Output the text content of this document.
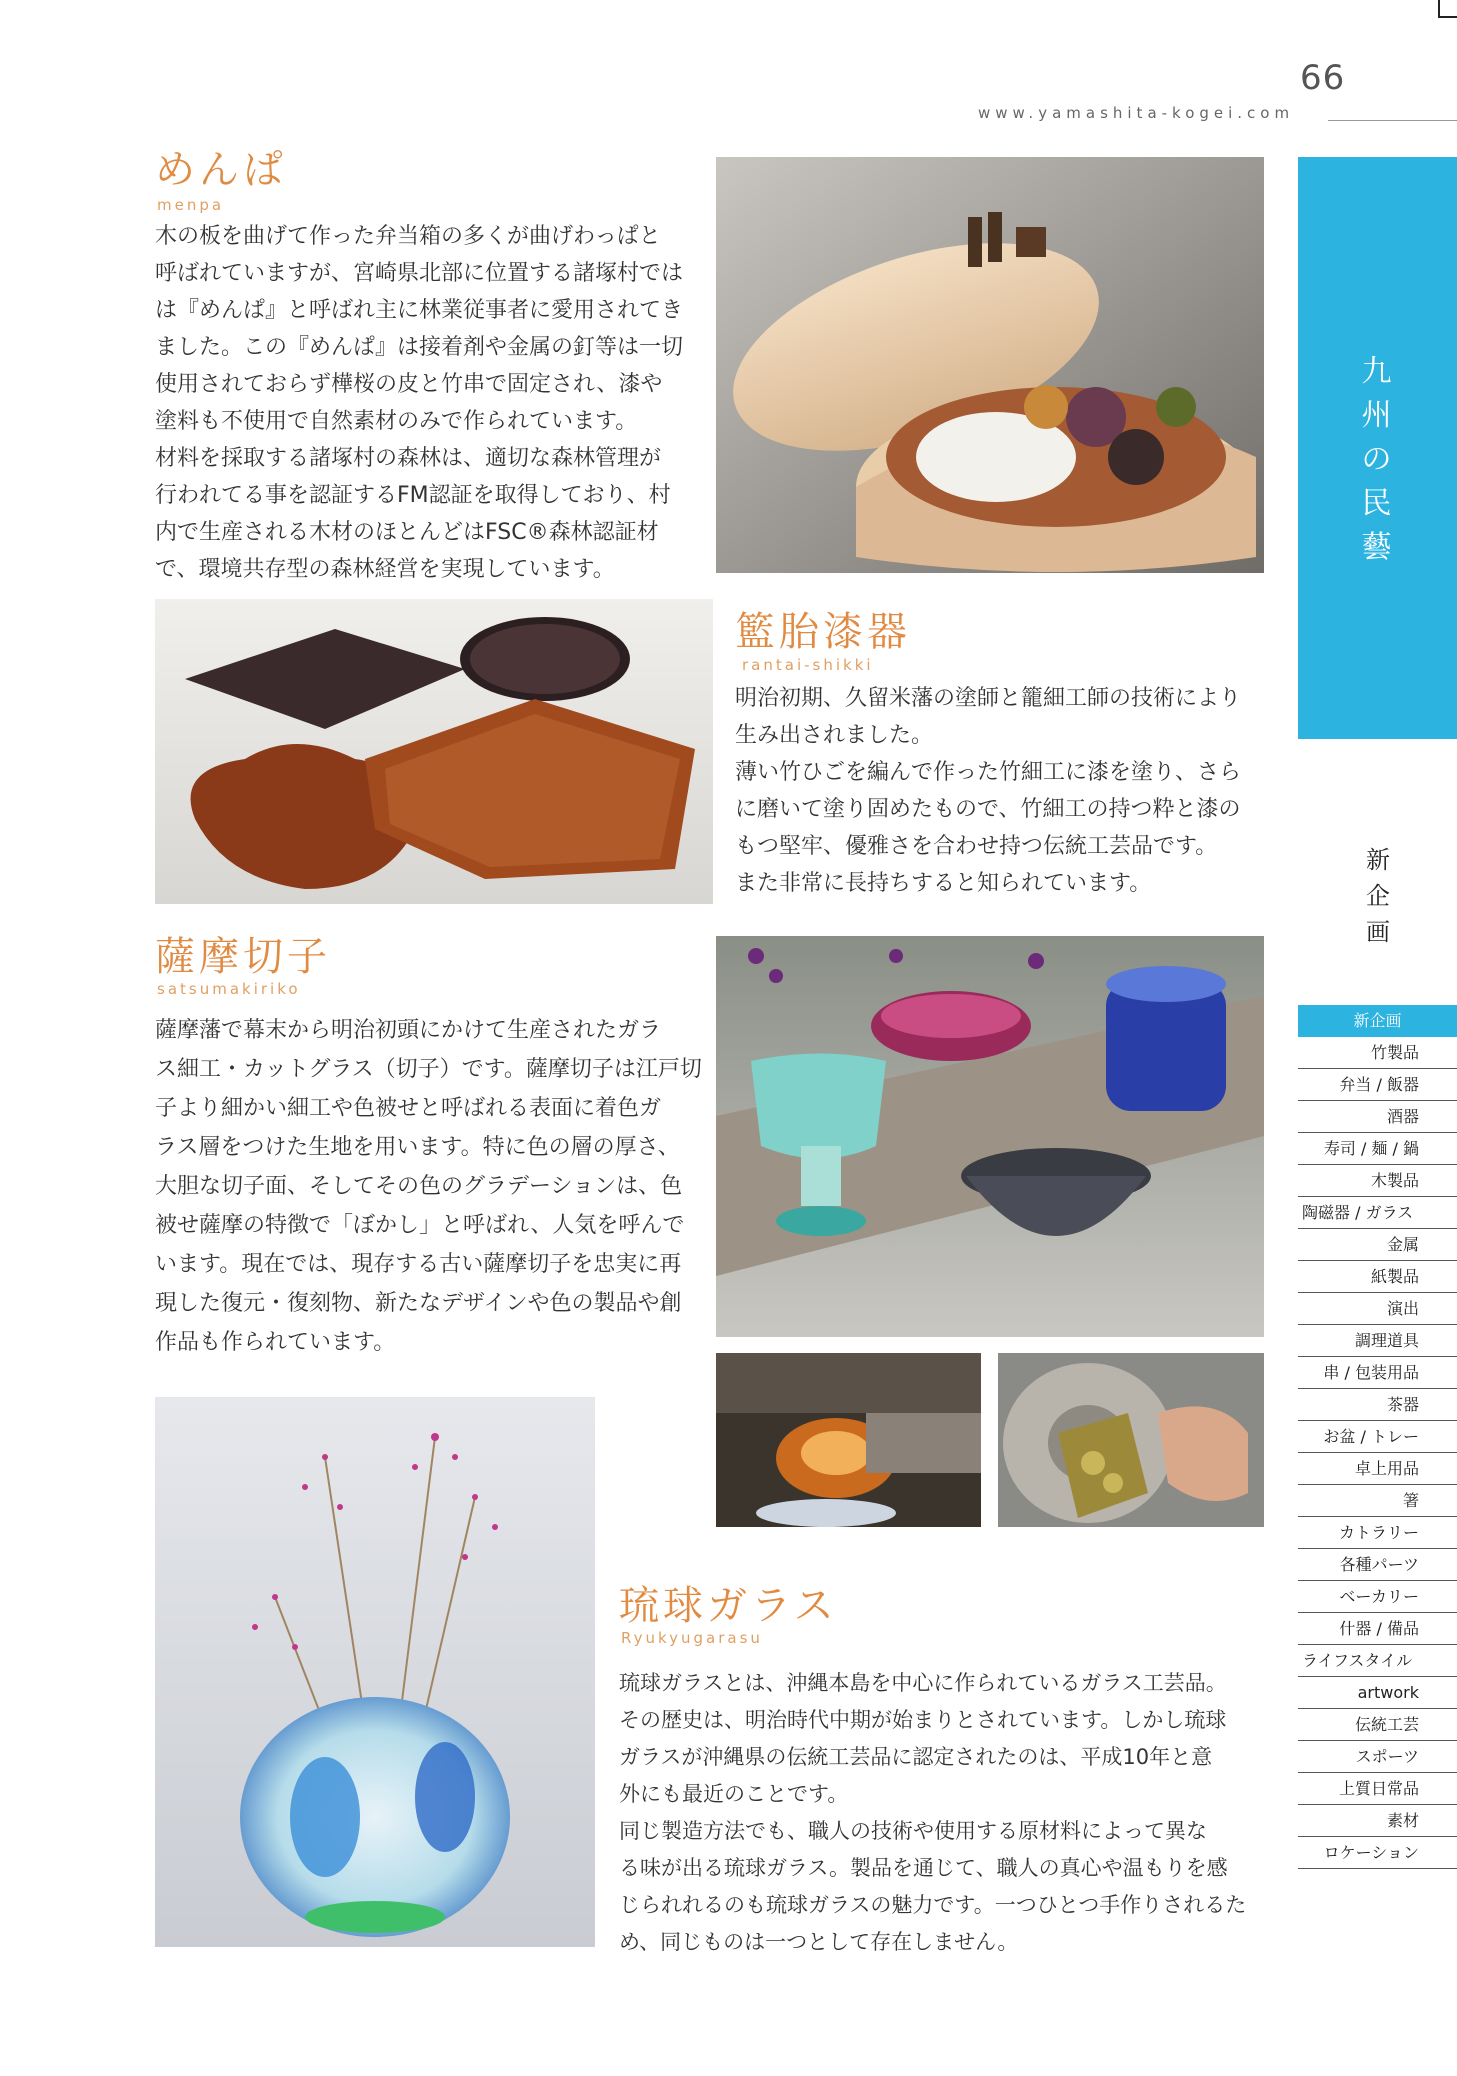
66
www.yamashita-kogei.com
めんぱ
menpa

木の板を曲げて作った弁当箱の多くが曲げわっぱと

呼ばれていますが、宮崎県北部に位置する諸塚村では

は『めんぱ』と呼ばれ主に林業従事者に愛用されてき

ました。この『めんぱ』は接着剤や金属の釘等は一切

使用されておらず樺桜の皮と竹串で固定され、漆や

塗料も不使用で自然素材のみで作られています。

材料を採取する諸塚村の森林は、適切な森林管理が

行われてる事を認証するFM認証を取得しており、村

内で生産される木材のほとんどはFSC®森林認証材

で、環境共存型の森林経営を実現しています。

籃胎漆器
rantai-shikki

明治初期、久留米藩の塗師と籠細工師の技術により

生み出されました。

薄い竹ひごを編んで作った竹細工に漆を塗り、さら

に磨いて塗り固めたもので、竹細工の持つ粋と漆の

もつ堅牢、優雅さを合わせ持つ伝統工芸品です。

また非常に長持ちすると知られています。

薩摩切子
satsumakiriko

薩摩藩で幕末から明治初頭にかけて生産されたガラ

ス細工・カットグラス（切子）です。薩摩切子は江戸切

子より細かい細工や色被せと呼ばれる表面に着色ガ

ラス層をつけた生地を用います。特に色の層の厚さ、

大胆な切子面、そしてその色のグラデーションは、色

被せ薩摩の特徴で「ぼかし」と呼ばれ、人気を呼んで

います。現在では、現存する古い薩摩切子を忠実に再

現した復元・復刻物、新たなデザインや色の製品や創

作品も作られています。

琉球ガラス
Ryukyugarasu

琉球ガラスとは、沖縄本島を中心に作られているガラス工芸品。

その歴史は、明治時代中期が始まりとされています。しかし琉球

ガラスが沖縄県の伝統工芸品に認定されたのは、平成10年と意

外にも最近のことです。

同じ製造方法でも、職人の技術や使用する原材料によって異な

る味が出る琉球ガラス。製品を通じて、職人の真心や温もりを感

じられれるのも琉球ガラスの魅力です。一つひとつ手作りされるた

め、同じものは一つとして存在しません。

九
州
の
民
藝
新
企
画
新企画
竹製品
弁当 / 飯器
酒器
寿司 / 麺 / 鍋
木製品
陶磁器 / ガラス
金属
紙製品
演出
調理道具
串 / 包装用品
茶器
お盆 / トレー
卓上用品
箸
カトラリー
各種パーツ
ベーカリー
什器 / 備品
ライフスタイル
artwork
伝統工芸
スポーツ
上質日常品
素材
ロケーション
